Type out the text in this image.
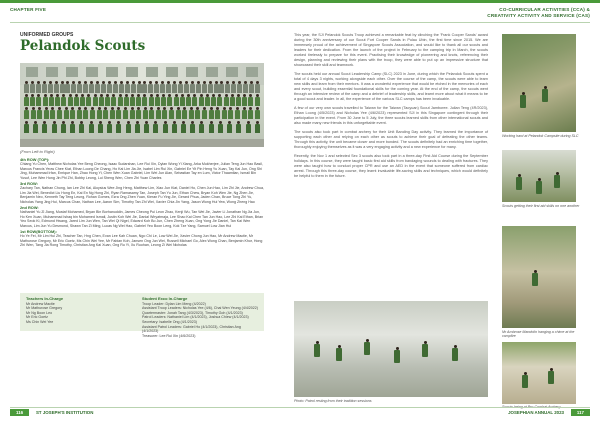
CHAPTER FIVE	CO-CURRICULAR ACTIVITIES (CCA) &
CREATIVITY ACTIVITY AND SERVICE (CAS)
UNIFORMED GROUPS
Pelandok Scouts
(From Left to Right)
4th ROW (TOP):
Chiang Yu Chen, Matthew Nicholas Yee Beng Cheong, Isaac Sudarshan, Lee Rui Xin, Dylan Wong Yi Xiang, Arka Mukherjee, Julian Teng Jun Hao Basil, Marcus Francis Yeow Chee Kiat, Ethan Loong De Chang, Ho Kai Lim Jia Jie, Isabel Lim Rui Xin, Gabriel Ee Yit Pin Heng Yu Xuan, Tay Kai Jun, Ong Shi Jing, Muhammad Irfan, Enrique Han, Zhao Hong Yi, Chen Wen Xuan Gabriel, Lim Wei Jun Alan, Sebastian Tay en Lum, Victor Thaamilan, Ismail Bin Yusuf, Lee Wen Hong Jin Phi Zhi, Bobby Leong, Lui Sheng Wen, Chen Zhi Yuan Charles
3rd ROW:
Zachary Tan, Nathan Chong, Ian Lee Zhi Kai, Aloysius Wee Jing Heng, Matthew Lim, Xiao Jun Kiat, Daniel Ho, Chen Jun Hao, Lim Zhi Jie, Andrew Chua, Lim Jia Wei, Benedict Liu Hong En, Kai En Ng Hong Zhi, Ryan Ramasamy Tan, Joseph Tan Yu Jun, Ethan Chew, Bryan Koh Wen Jie, Ng Zhen Jie, Benjamin Neo, Kenneth Tay Teng Leung, Rohan Gomes, Ezra Ong Zhen Yuan, Kieran Fu Ying Jie, Gerard Phua, Jaden Chan, Bruce Tong Zhi Yu, Nicholas Yang Jing Hui, Marcus Chan, Nathan Lee, Aaron Sim, Timothy Tan Zhi Wei, Xavier Chia Jin Yang, Jason Wong Hui Yew, Wong Zheng Hao
2nd ROW:
Nathaniel Yu Zi Jiang, Mustaf Mohamed, Bryan Bin Borhanuddin, James Cheong Pui Leon Zhao, Kenji Wu, Tan Wei Jie, Javier Li Jonathan Ng Jia Jun, Ho Ken Xuan, Muhammad Ishaq bin Mohamed Ismail, Justin Koh Wei Jie, Danial Wiryatmaja, Lee Shao Kai Chen Tan Jun Hao, Lee Zhi Kai Ethan, Brian Yeo Seok Ki, Edmund Hwang, Jared Lim Jun Wen, Tan Wei Qi Nigel, Edward Koh Bo Jun, Chen Zheng Xuan, Ong Yong Jie Daniel, Tan Kai Wen Marcus, Lim Jun Yu Desmond, Shawn Tan Zi Ming, Lucas Ng Wei Hao, Gabriel Yeo Boon Leng, Kok Tze Yang, Samuel Low Jian Hui
1st ROW(BOTTOM):
Ho Ye Fei, Mr Lim Hui Zhi, Teacher Tan, Hng Chen, Evan Lee Kah Chuan, Ngo Chi Le, Low Wei Jie, Xavier Chong Jun Hao, Mr Andrew Mactie, Mr Mathurose Gregory, Mr Eric Goetz, Ms Chin Wei Yee, Mr Fabian Koh, Jansen Ong Jun Wei, Russell Michael Go, Alex Wong Chan, Benjamin Khor, Hong Zhi Wen, Tang Jia Rong Timothy, Christian Ang Kai Xuan, Ong Ru Yi, Xu Ruohan, Leong Zi Wei Nicholas
Teachers In-Charge
Mr Andrew Mactie
Mr Mathurose Gregory
Mr Ng Boon Leo
Mr Eric Goetz
Ms Chin Wei Yee
Student Exco In-Charge
Troop Leader: Dylan Lim Meng (4/2022)
Assistant Troop Leaders: Nicholas Yee (4/6), Chai Wen Yeung (4/4/2022)
Quartermaster: Jonah Tang (4/3/2023), Timothy Goh (4/1/2023)
Patrol Leaders: Nathaniel Lim (4/1/2023), Joshua Chiew (4/1/2023)
Secretary: Isabelle Ong (4/1/2023)
Assistant Patrol Leaders: Gabriel Ho (4/1/2023), Christian Ang (4/1/2023)
Treasurer: Lee Rui Xin (4/6/2023)

This year, the SJI Pelandok Scouts Troop achieved a remarkable feat by clinching the 'Frank Cooper Sands' award during the 30th anniversary of our Scout Fort Cooper Sands in Pulau Ubin, the first time since 2015. We are immensely proud of the achievement of Singapore Scouts Association, and would like to thank all our scouts and leaders for their dedication. From the launch of the project in February to the camping trip in March, the scouts worked tirelessly to prepare for this event. Practising their knowledge of pioneering and knots, referencing their design, planning and reviewing their plans with the troop, they were able to put up an impressive structure that showcased their skill and teamwork.

The scouts held our annual Scout Leadership Camp (SLC) 2023 in June, during which the Pelandok Scouts spent a total of 4 days 3 nights, working alongside each other. Over the course of the camp, the scouts were able to learn new skills and learn from their mentors. It was a wonderful experience that would be etched in the memories of each and every scout, building essential foundational skills for the coming year. At the end of the camp, the scouts went through an intensive review of the camp and a debrief of leadership skills, and learnt more about what it means to be a good scout and leader. In all, the experience of the various SLC camps has been invaluable.

A few of our very own scouts travelled to Taiwan for the Taiwan (Taoyuan) Scout Jamboree. Julian Teng (4R/2023), Ethan Loong (4/5/2023) and Nicholas Yee (4/6/2023) represented SJI in this Singapore contingent through their participation in the event. From 30 June to 5 July, the three scouts learned skills from other international scouts and also made many new friends in this unforgettable event.

The scouts also took part in combat archery for their Unit Banding Day activity. They learned the importance of supporting each other and relying on each other as scouts to achieve their goal of defeating the other teams. Through this activity, the unit became closer and more bonded. The scouts definitely had an enriching time together, thoroughly enjoying themselves as it was a very engaging activity and a new experience for many.

Recently, the Nov 1 and selected Sec 3 scouts also took part in a three-day First Aid Course during the September holidays. In this course, they were taught basic first aid skills from bandaging wounds to dealing with fractures. They were also taught how to conduct proper CPR and use an AED in the event that someone suffered from cardiac arrest. Through this three-day course, they learnt invaluable life-saving skills and techniques, which would definitely be helpful to them in the future.

Working hard at Pelandok Campsite during SLC
Scouts getting their first aid skills on one another
Mr Ambrose Mandolin hanging a chime at the campfire
Photo: Patrol resting from their tradition sessions
116	ST JOSEPH'S INSTITUTION	JOSEPHIAN ANNUAL 2023	117
